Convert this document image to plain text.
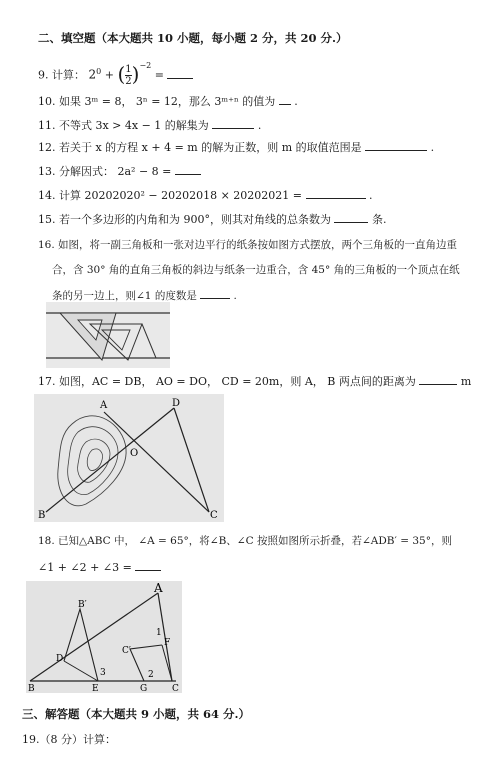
二、填空题（本大题共 10 小题，每小题 2 分，共 20 分.）
9. 计算： $2^0$ + ( $\frac{1}{2} )^{-2}$ =
10. 如果 3ᵐ = 8， 3ⁿ = 12，那么 3ᵐ⁺ⁿ 的值为 .
11. 不等式 3x > 4x − 1 的解集为	.
12. 若关于 x 的方程 x + 4 = m 的解为正数，则 m 的取值范围是	.
13. 分解因式： 2a² − 8 =
14. 计算 20202020² − 20202018 × 20202021 =	.
15. 若一个多边形的内角和为 900°，则其对角线的总条数为	条.
16. 如图，将一副三角板和一张对边平行的纸条按如图方式摆放，两个三角板的一直角边重
合，含 30° 角的直角三角板的斜边与纸条一边重合，含 45° 角的三角板的一个顶点在纸
条的另一边上，则∠1 的度数是	.
17. 如图，AC = DB， AO = DO， CD = 20m，则 A， B 两点间的距离为	m
A	D
O
B	C
18. 已知△ABC 中， ∠A = 65°，将∠B、∠C 按照如图所示折叠，若∠ADB′ = 35°，则
∠1 + ∠2 + ∠3 =
A
B′
C′
D
E
F
G
B	C
1
2
3
三、解答题（本大题共 9 小题，共 64 分.）
19.（8 分）计算：
